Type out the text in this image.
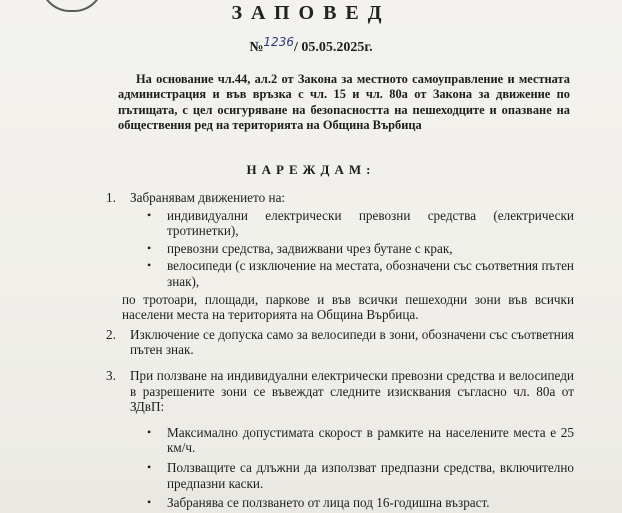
ЗАПОВЕД
№1236/ 05.05.2025г.
На основание чл.44, ал.2 от Закона за местното самоуправление и местната администрация и във връзка с чл. 15 и чл. 80а от Закона за движение по пътищата, с цел осигуряване на безопасността на пешеходците и опазване на обществения ред на територията на Община Върбица
НАРЕЖДАМ:
1.	Забранявам движението на:
• индивидуални електрически превозни средства (електрически тротинетки),
• превозни средства, задвижвани чрез бутане с крак,
• велосипеди (с изключение на местата, обозначени със съответния пътен знак),
по тротоари, площади, паркове и във всички пешеходни зони във всички населени места на територията на Община Върбица.
2.	Изключение се допуска само за велосипеди в зони, обозначени със съответния пътен знак.
3.	При ползване на индивидуални електрически превозни средства и велосипеди в разрешените зони се въвеждат следните изисквания съгласно чл. 80а от ЗДвП:
• Максимално допустимата скорост в рамките на населените места е 25 км/ч.
• Ползващите са длъжни да използват предпазни средства, включително предпазни каски.
• Забранява се ползването от лица под 16-годишна възраст.
